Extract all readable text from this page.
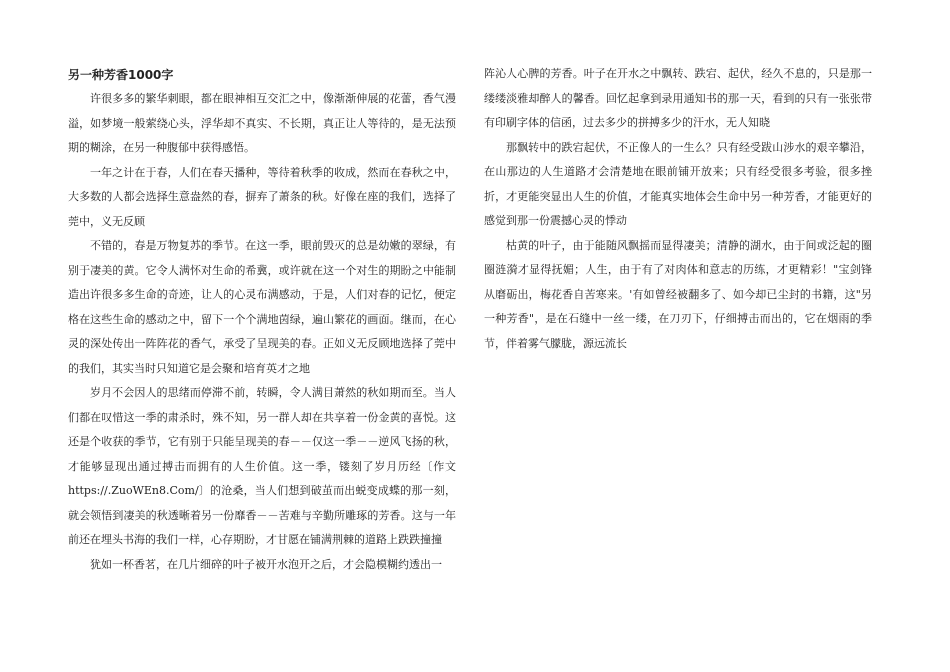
另一种芳香1000字

许很多多的繁华刺眼，都在眼神相互交汇之中，像渐渐伸展的花蕾，香气漫溢，如梦境一般萦绕心头，浮华却不真实、不长期，真正让人等待的，是无法预期的糊涂，在另一种腹郁中获得感悟。

一年之计在于春，人们在春天播种，等待着秋季的收成，然而在春秋之中，大多数的人都会选择生意盎然的春，摒弃了萧条的秋。好像在座的我们，选择了莞中，义无反顾

不错的，春是万物复苏的季节。在这一季，眼前毁灭的总是幼嫩的翠绿，有别于凄美的黄。它令人满怀对生命的希冀，或许就在这一个对生的期盼之中能制造出许很多多生命的奇迹，让人的心灵布满感动，于是，人们对春的记忆，便定格在这些生命的感动之中，留下一个个满地茵绿，遍山繁花的画面。继而，在心灵的深处传出一阵阵花的香气，承受了呈现美的春。正如义无反顾地选择了莞中的我们，其实当时只知道它是会聚和培育英才之地

岁月不会因人的思绪而停滞不前，转瞬，令人满目萧然的秋如期而至。当人们都在叹惜这一季的肃杀时，殊不知，另一群人却在共享着一份金黄的喜悦。这还是个收获的季节，它有别于只能呈现美的春－－仅这一季－－逆风飞扬的秋，才能够显现出通过搏击而拥有的人生价值。这一季，镂刻了岁月历经〔作文https://.ZuoWEn8.Com/〕的沧桑，当人们想到破茧而出蜕变成蝶的那一刻，就会领悟到凄美的秋透晰着另一份靡香－－苦难与辛勤所雕琢的芳香。这与一年前还在埋头书海的我们一样，心存期盼，才甘愿在铺满荆棘的道路上跌跌撞撞

犹如一杯香茗，在几片细碎的叶子被开水泡开之后，才会隐模糊约透出一

阵沁人心脾的芳香。叶子在开水之中飘转、跌宕、起伏，经久不息的，只是那一缕缕淡雅却醉人的馨香。回忆起拿到录用通知书的那一天，看到的只有一张张带有印刷字体的信函，过去多少的拼搏多少的汗水，无人知晓

那飘转中的跌宕起伏，不正像人的一生么？只有经受跋山涉水的艰辛攀沿，在山那边的人生道路才会清楚地在眼前铺开放来；只有经受很多考验，很多挫折，才更能突显出人生的价值，才能真实地体会生命中另一种芳香，才能更好的感觉到那一份震撼心灵的悸动

枯黄的叶子，由于能随风飘摇而显得凄美；清静的湖水，由于间或泛起的圈圈涟漪才显得抚媚；人生，由于有了对肉体和意志的历练，才更精彩！"宝剑锋从磨砺出，梅花香自苦寒来。'有如曾经被翻多了、如今却已尘封的书籍，这"另一种芳香"，是在石缝中一丝一缕，在刀刃下，仔细搏击而出的，它在烟雨的季节，伴着雾气朦胧，源远流长
